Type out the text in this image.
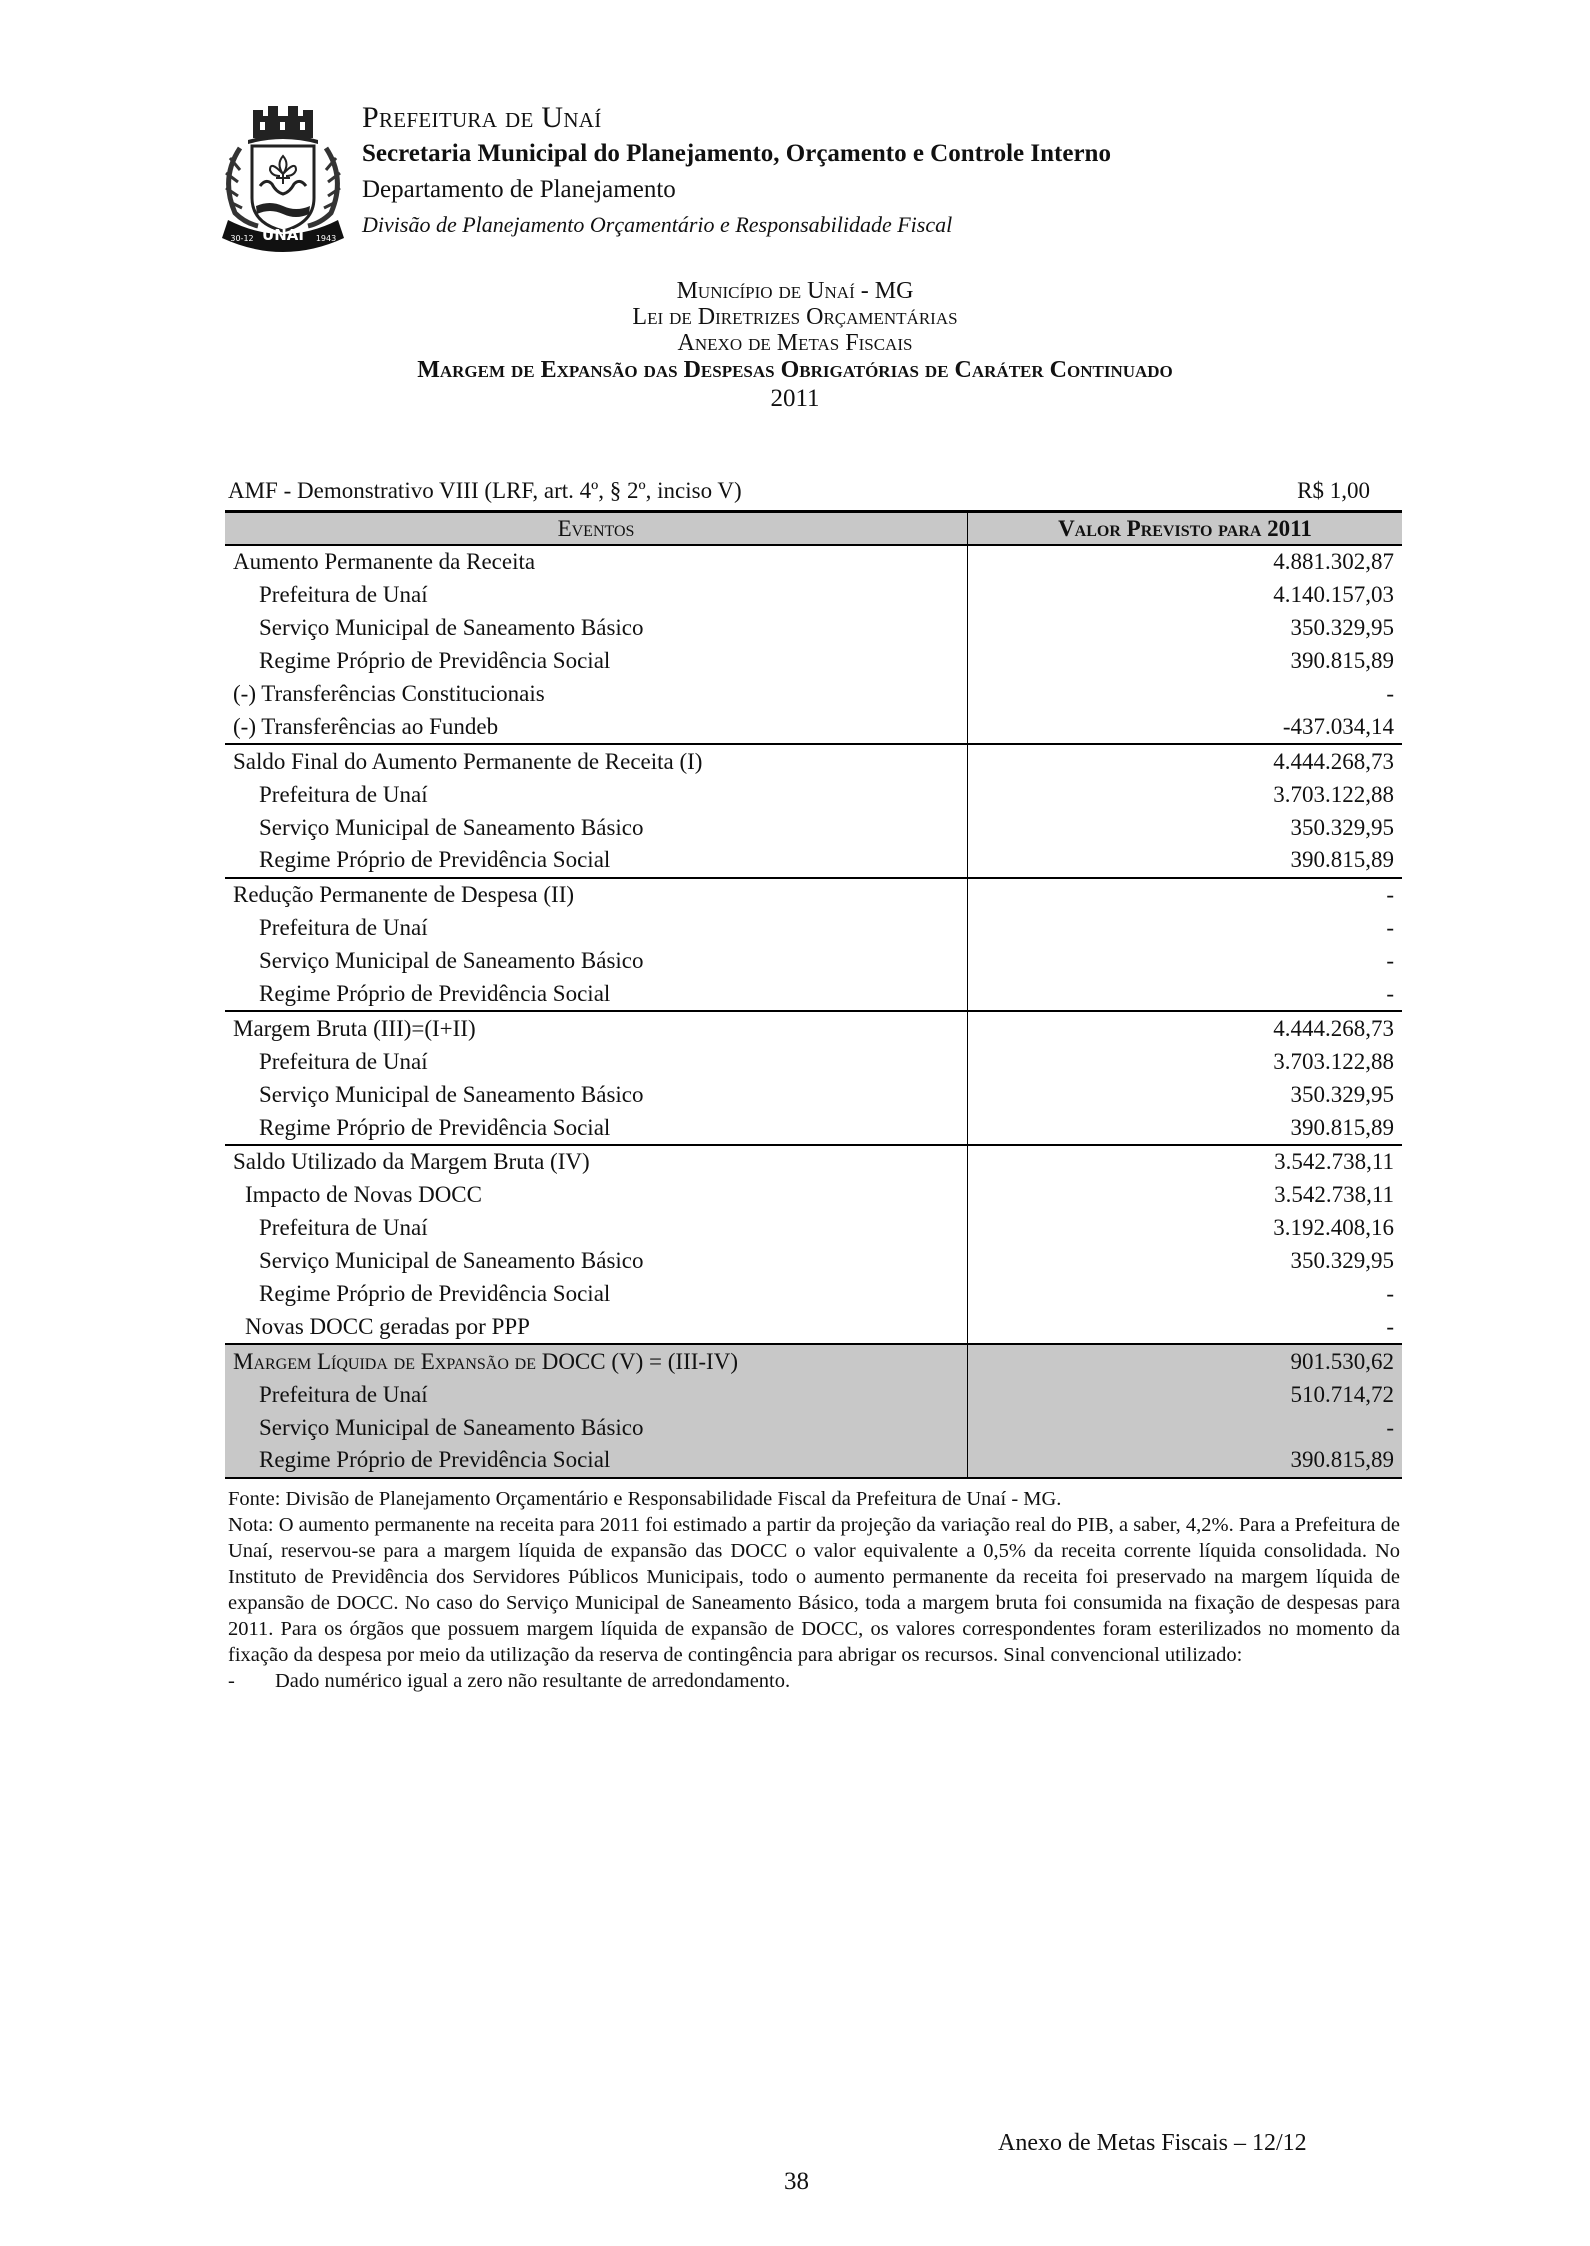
UNAÍ
30-12	1943
Prefeitura de Unaí
Secretaria Municipal do Planejamento, Orçamento e Controle Interno
Departamento de Planejamento
Divisão de Planejamento Orçamentário e Responsabilidade Fiscal
Município de Unaí - MG
Lei de Diretrizes Orçamentárias
Anexo de Metas Fiscais
Margem de Expansão das Despesas Obrigatórias de Caráter Continuado
2011
AMF - Demonstrativo VIII (LRF, art. 4º, § 2º, inciso V)	R$ 1,00
Eventos	Valor Previsto para 2011
Aumento Permanente da Receita	4.881.302,87
Prefeitura de Unaí	4.140.157,03
Serviço Municipal de Saneamento Básico	350.329,95
Regime Próprio de Previdência Social	390.815,89
(-) Transferências Constitucionais	-
(-) Transferências ao Fundeb	-437.034,14
Saldo Final do Aumento Permanente de Receita (I)	4.444.268,73
Prefeitura de Unaí	3.703.122,88
Serviço Municipal de Saneamento Básico	350.329,95
Regime Próprio de Previdência Social	390.815,89
Redução Permanente de Despesa (II)	-
Prefeitura de Unaí	-
Serviço Municipal de Saneamento Básico	-
Regime Próprio de Previdência Social	-
Margem Bruta (III)=(I+II)	4.444.268,73
Prefeitura de Unaí	3.703.122,88
Serviço Municipal de Saneamento Básico	350.329,95
Regime Próprio de Previdência Social	390.815,89
Saldo Utilizado da Margem Bruta (IV)	3.542.738,11
Impacto de Novas DOCC	3.542.738,11
Prefeitura de Unaí	3.192.408,16
Serviço Municipal de Saneamento Básico	350.329,95
Regime Próprio de Previdência Social	-
Novas DOCC geradas por PPP	-
Margem Líquida de Expansão de DOCC (V) = (III-IV)	901.530,62
Prefeitura de Unaí	510.714,72
Serviço Municipal de Saneamento Básico	-
Regime Próprio de Previdência Social	390.815,89

Fonte: Divisão de Planejamento Orçamentário e Responsabilidade Fiscal da Prefeitura de Unaí - MG.

Nota: O aumento permanente na receita para 2011 foi estimado a partir da projeção da variação real do PIB, a saber, 4,2%. Para a Prefeitura de Unaí, reservou-se para a margem líquida de expansão das DOCC o valor equivalente a 0,5% da receita corrente líquida consolidada. No Instituto de Previdência dos Servidores Públicos Municipais, todo o aumento permanente da receita foi preservado na margem líquida de expansão de DOCC. No caso do Serviço Municipal de Saneamento Básico, toda a margem bruta foi consumida na fixação de despesas para 2011. Para os órgãos que possuem margem líquida de expansão de DOCC, os valores correspondentes foram esterilizados no momento da fixação da despesa por meio da utilização da reserva de contingência para abrigar os recursos. Sinal convencional utilizado:

-	Dado numérico igual a zero não resultante de arredondamento.
Anexo de Metas Fiscais – 12/12
38
